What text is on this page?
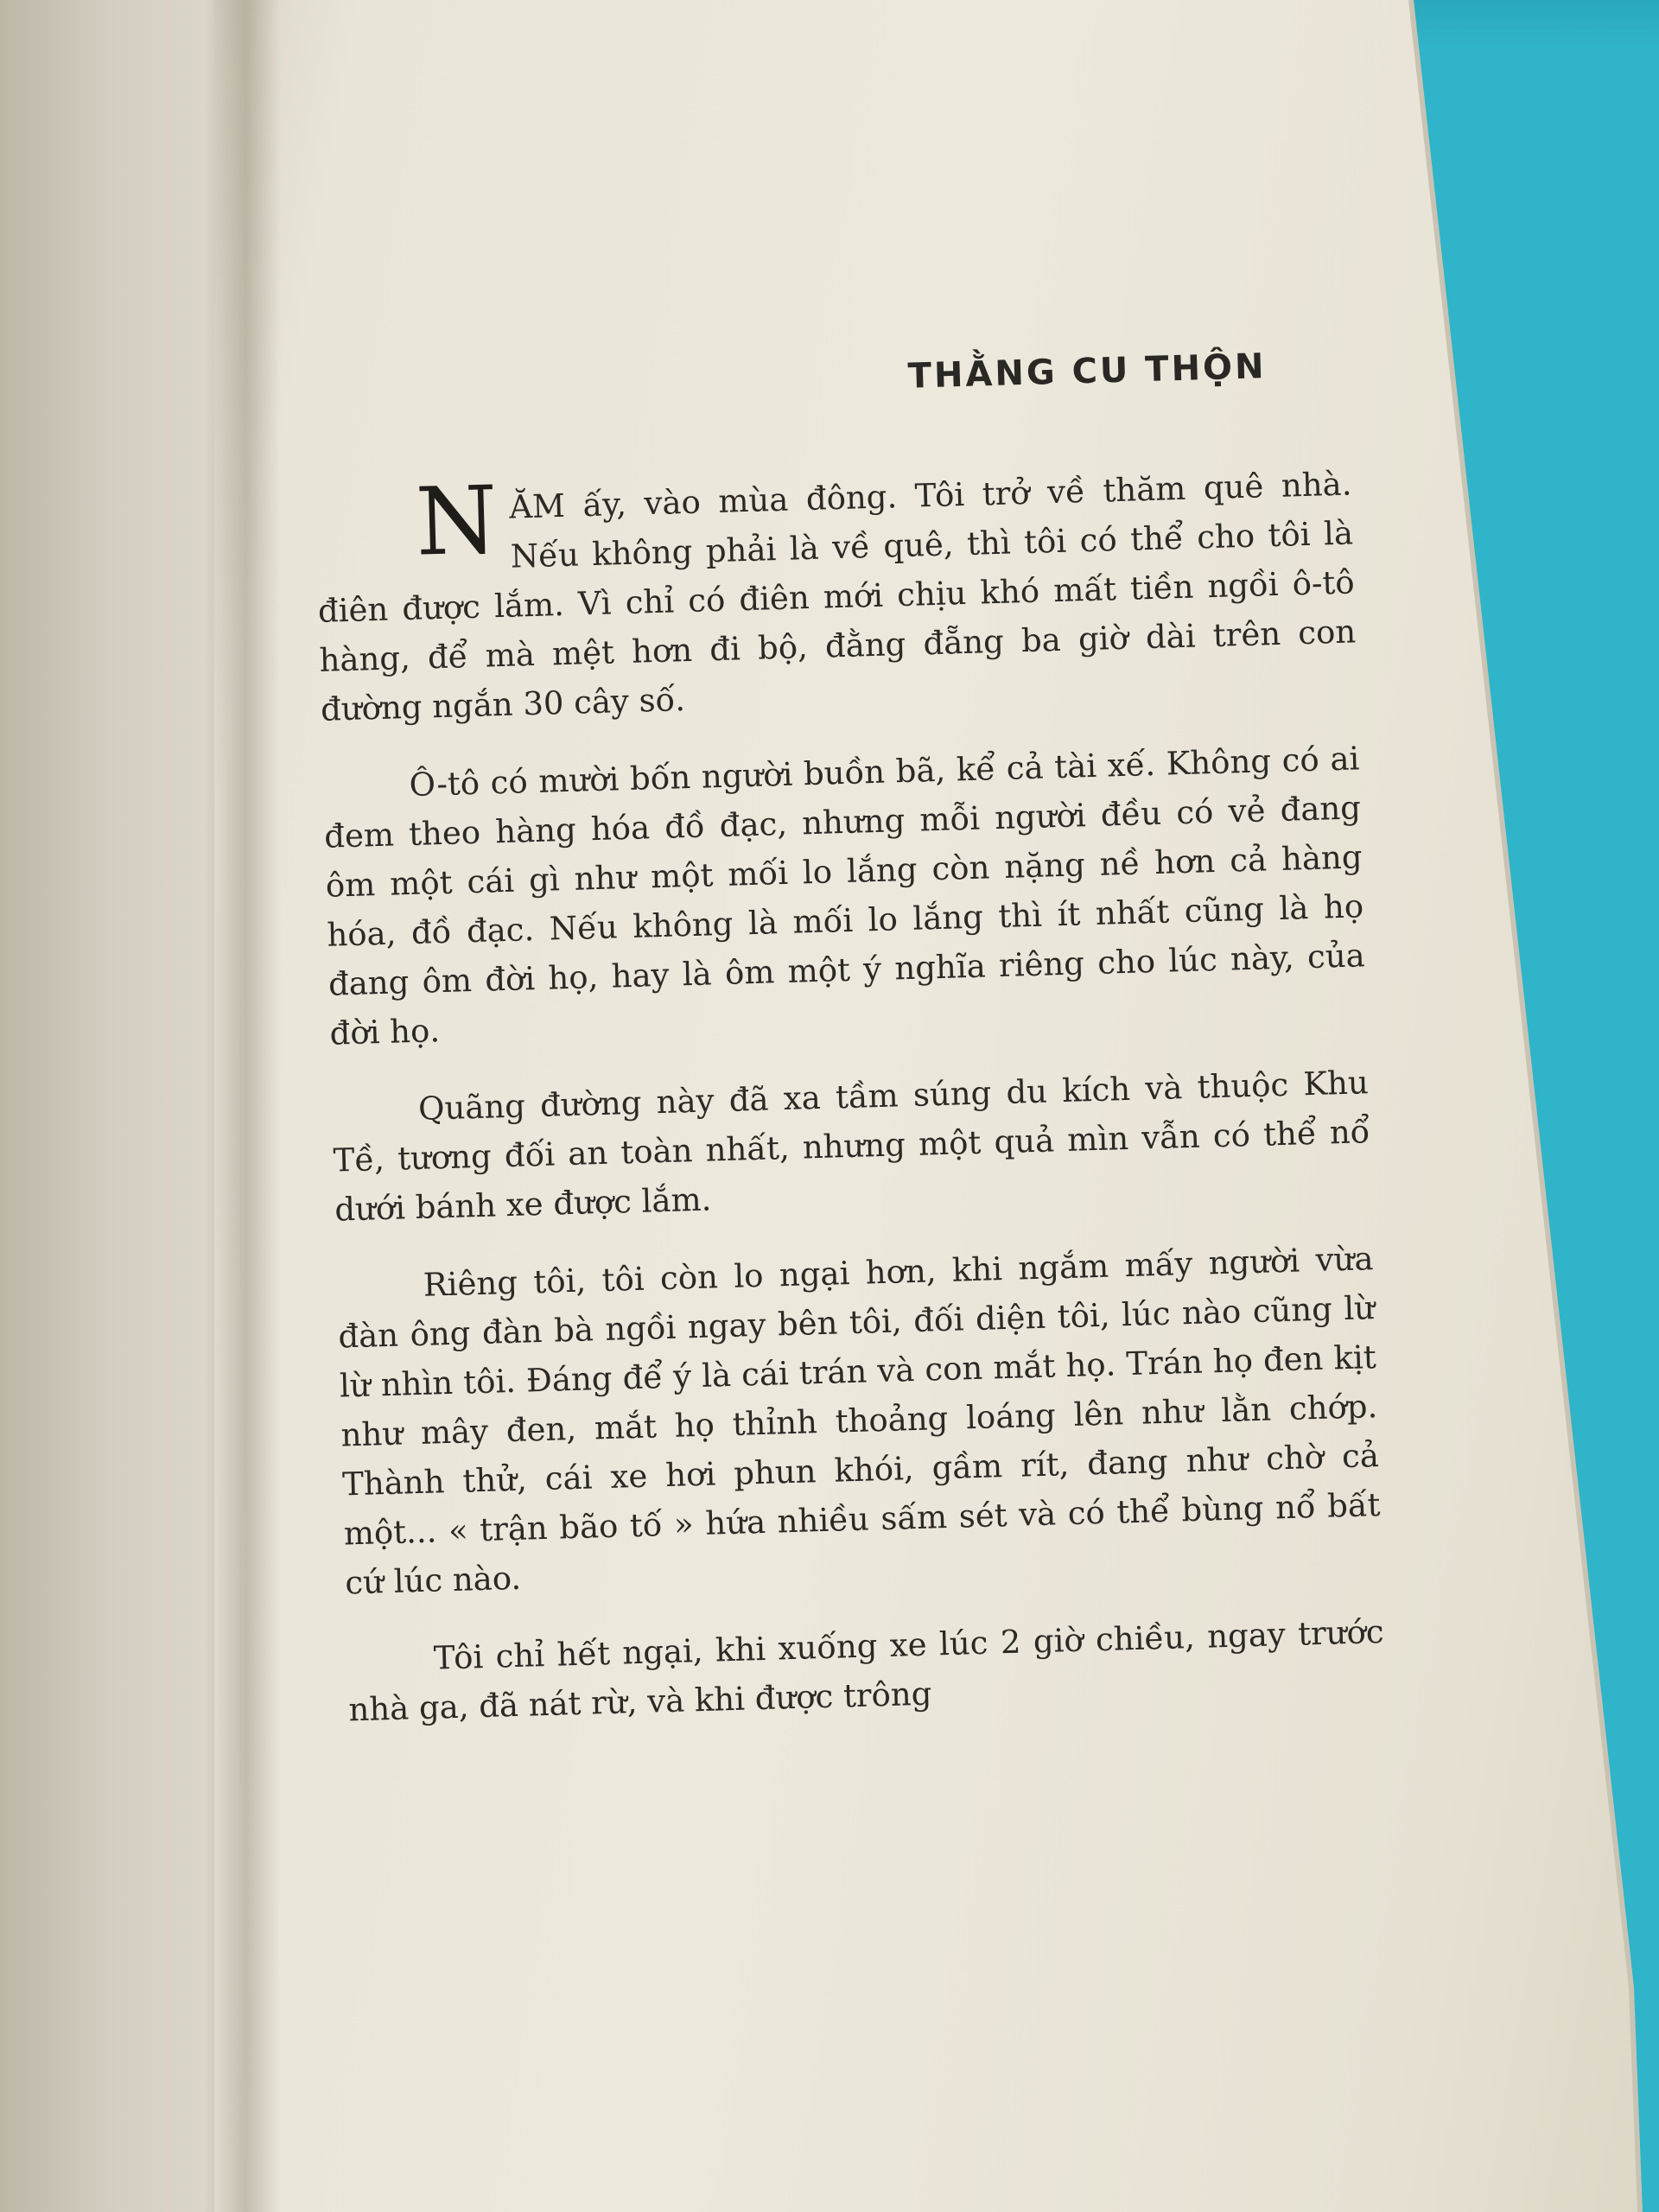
THẰNG CU THỘN

NĂM ấy, vào mùa đông. Tôi trở về thăm quê nhà. Nếu không phải là về quê, thì tôi có thể cho tôi là điên được lắm. Vì chỉ có điên mới chịu khó mất tiền ngồi ô-tô hàng, để mà mệt hơn đi bộ, đằng đẵng ba giờ dài trên con đường ngắn 30 cây số.

Ô-tô có mười bốn người buồn bã, kể cả tài xế. Không có ai đem theo hàng hóa đồ đạc, nhưng mỗi người đều có vẻ đang ôm một cái gì như một mối lo lắng còn nặng nề hơn cả hàng hóa, đồ đạc. Nếu không là mối lo lắng thì ít nhất cũng là họ đang ôm đời họ, hay là ôm một ý nghĩa riêng cho lúc này, của đời họ.

Quãng đường này đã xa tầm súng du kích và thuộc Khu Tề, tương đối an toàn nhất, nhưng một quả mìn vẫn có thể nổ dưới bánh xe được lắm.

Riêng tôi, tôi còn lo ngại hơn, khi ngắm mấy người vừa đàn ông đàn bà ngồi ngay bên tôi, đối diện tôi, lúc nào cũng lừ lừ nhìn tôi. Đáng để ý là cái trán và con mắt họ. Trán họ đen kịt như mây đen, mắt họ thỉnh thoảng loáng lên như lằn chớp. Thành thử, cái xe hơi phun khói, gầm rít, đang như chờ cả một... « trận bão tố » hứa nhiều sấm sét và có thể bùng nổ bất cứ lúc nào.

Tôi chỉ hết ngại, khi xuống xe lúc 2 giờ chiều, ngay trước nhà ga, đã nát rừ, và khi được trông
